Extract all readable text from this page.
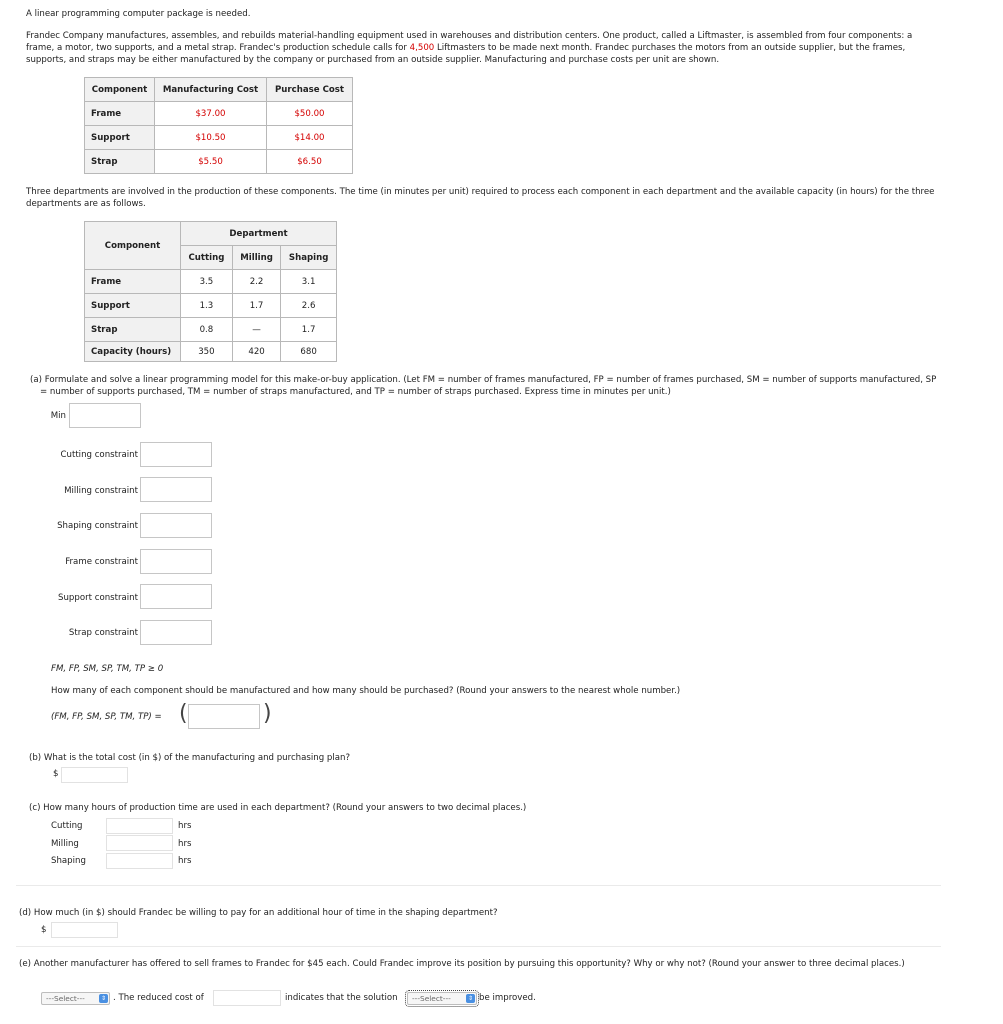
A linear programming computer package is needed.
Frandec Company manufactures, assembles, and rebuilds material-handling equipment used in warehouses and distribution centers. One product, called a Liftmaster, is assembled from four components: a frame, a motor, two supports, and a metal strap. Frandec's production schedule calls for 4,500 Liftmasters to be made next month. Frandec purchases the motors from an outside supplier, but the frames, supports, and straps may be either manufactured by the company or purchased from an outside supplier. Manufacturing and purchase costs per unit are shown.
Component	Manufacturing Cost	Purchase Cost
Frame	$37.00	$50.00
Support	$10.50	$14.00
Strap	$5.50	$6.50
Three departments are involved in the production of these components. The time (in minutes per unit) required to process each component in each department and the available capacity (in hours) for the three departments are as follows.
Component	Department		
	Cutting	Milling	Shaping
Frame	3.5	2.2	3.1
Support	1.3	1.7	2.6
Strap	0.8	—	1.7
Capacity (hours)	350	420	680
(a) Formulate and solve a linear programming model for this make-or-buy application. (Let FM = number of frames manufactured, FP = number of frames purchased, SM = number of supports manufactured, SP = number of supports purchased, TM = number of straps manufactured, and TP = number of straps purchased. Express time in minutes per unit.)
Min
Cutting constraint
Milling constraint
Shaping constraint
Frame constraint
Support constraint
Strap constraint
FM, FP, SM, SP, TM, TP ≥ 0
How many of each component should be manufactured and how many should be purchased? (Round your answers to the nearest whole number.)
(FM, FP, SM, SP, TM, TP) = (	)
(b) What is the total cost (in $) of the manufacturing and purchasing plan?
$
(c) How many hours of production time are used in each department? (Round your answers to two decimal places.)
Cutting	hrs
Milling	hrs
Shaping	hrs
(d) How much (in $) should Frandec be willing to pay for an additional hour of time in the shaping department?
$
(e) Another manufacturer has offered to sell frames to Frandec for $45 each. Could Frandec improve its position by pursuing this opportunity? Why or why not? (Round your answer to three decimal places.)
---Select---	⇕ . The reduced cost of	indicates that the solution	---Select---	⇕ be improved.
